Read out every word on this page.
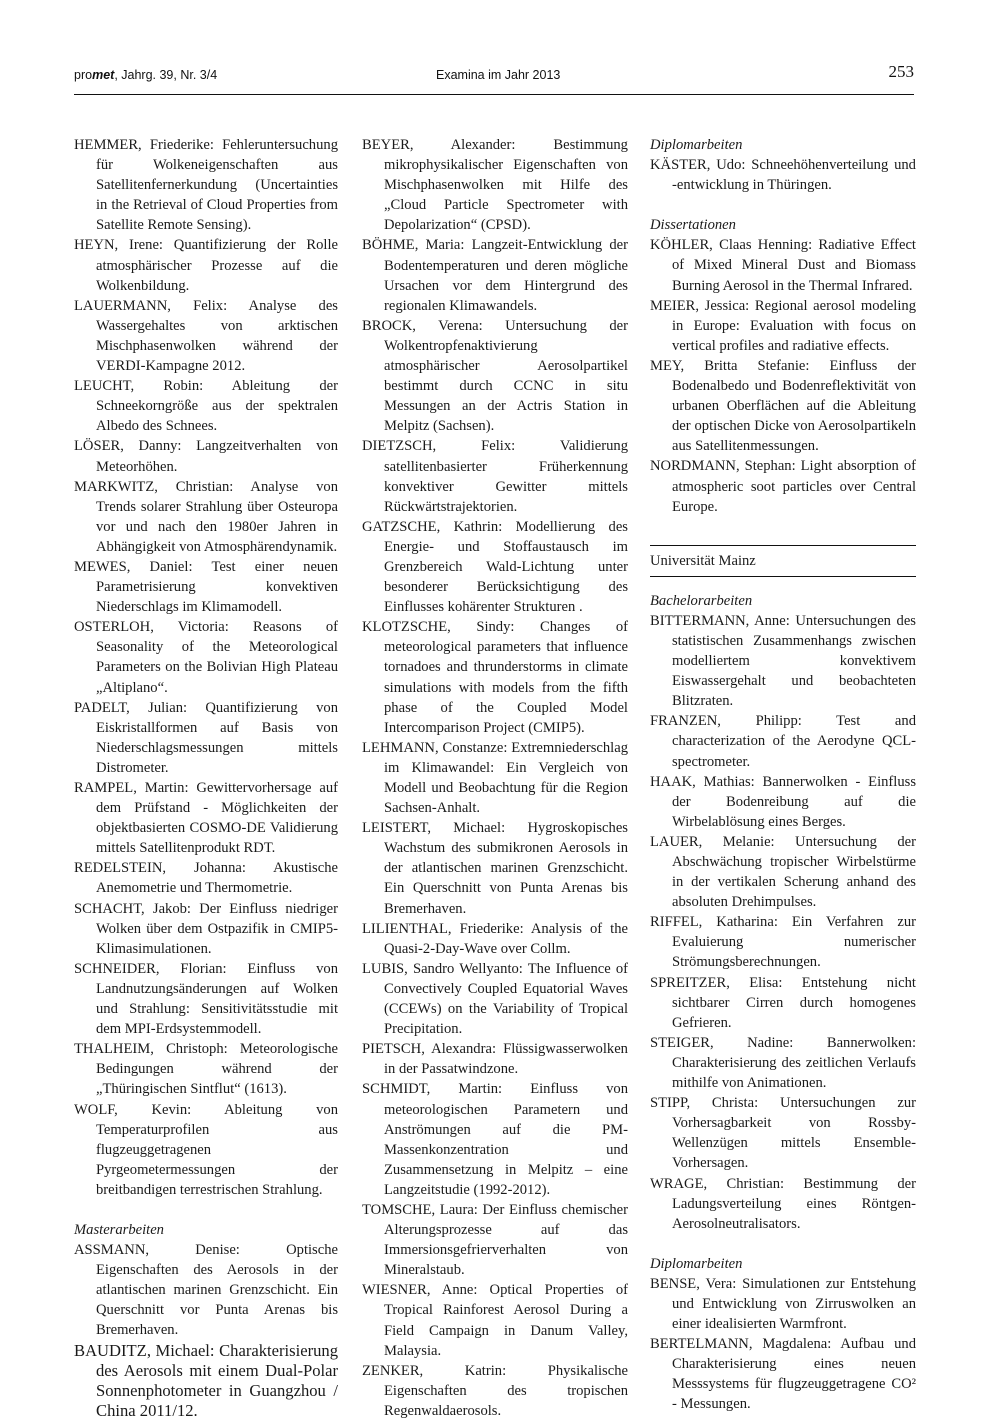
promet, Jahrg. 39, Nr. 3/4	Examina im Jahr 2013	253

HEMMER, Friederike: Fehleruntersuchung für Wolkeneigenschaften aus Satellitenfernerkundung (Uncertainties in the Retrieval of Cloud Properties from Satellite Remote Sensing).

HEYN, Irene: Quantifizierung der Rolle atmosphärischer Prozesse auf die Wolkenbildung.

LAUERMANN, Felix: Analyse des Wassergehaltes von arktischen Mischphasenwolken während der VERDI-Kampagne 2012.

LEUCHT, Robin: Ableitung der Schneekorngröße aus der spektralen Albedo des Schnees.

LÖSER, Danny: Langzeitverhalten von Meteorhöhen.

MARKWITZ, Christian: Analyse von Trends solarer Strahlung über Osteuropa vor und nach den 1980er Jahren in Abhängigkeit von Atmosphärendynamik.

MEWES, Daniel: Test einer neuen Parametrisierung konvektiven Niederschlags im Klimamodell.

OSTERLOH, Victoria: Reasons of Seasonality of the Meteorological Parameters on the Bolivian High Plateau „Altiplano“.

PADELT, Julian: Quantifizierung von Eiskristallformen auf Basis von Niederschlagsmessungen mittels Distrometer.

RAMPEL, Martin: Gewittervorhersage auf dem Prüfstand - Möglichkeiten der objektbasierten COSMO-DE Validierung mittels Satellitenprodukt RDT.

REDELSTEIN, Johanna: Akustische Anemometrie und Thermometrie.

SCHACHT, Jakob: Der Einfluss niedriger Wolken über dem Ostpazifik in CMIP5-Klimasimulationen.

SCHNEIDER, Florian: Einfluss von Landnutzungsänderungen auf Wolken und Strahlung: Sensitivitätsstudie mit dem MPI-Erdsystemmodell.

THALHEIM, Christoph: Meteorologische Bedingungen während der „Thüringischen Sintflut“ (1613).

WOLF, Kevin: Ableitung von Temperaturprofilen aus flugzeuggetragenen Pyrgeometermessungen der breitbandigen terrestrischen Strahlung.

Masterarbeiten

ASSMANN, Denise: Optische Eigenschaften des Aerosols in der atlantischen marinen Grenzschicht. Ein Querschnitt vor Punta Arenas bis Bremerhaven.

BAUDITZ, Michael: Charakterisierung des Aerosols mit einem Dual-Polar Sonnenphotometer in Guangzhou / China 2011/12.

BEYER, Alexander: Bestimmung mikrophysikalischer Eigenschaften von Mischphasenwolken mit Hilfe des „Cloud Particle Spectrometer with Depolarization“ (CPSD).

BÖHME, Maria: Langzeit-Entwicklung der Bodentemperaturen und deren mögliche Ursachen vor dem Hintergrund des regionalen Klimawandels.

BROCK, Verena: Untersuchung der Wolkentropfenaktivierung atmosphärischer Aerosolpartikel bestimmt durch CCNC in situ Messungen an der Actris Station in Melpitz (Sachsen).

DIETZSCH, Felix: Validierung satellitenbasierter Früherkennung konvektiver Gewitter mittels Rückwärtstrajektorien.

GATZSCHE, Kathrin: Modellierung des Energie- und Stoffaustausch im Grenzbereich Wald-Lichtung unter besonderer Berücksichtigung des Einflusses kohärenter Strukturen .

KLOTZSCHE, Sindy: Changes of meteorological parameters that influence tornadoes and thrunderstorms in climate simulations with models from the fifth phase of the Coupled Model Intercomparison Project (CMIP5).

LEHMANN, Constanze: Extremniederschlag im Klimawandel: Ein Vergleich von Modell und Beobachtung für die Region Sachsen-Anhalt.

LEISTERT, Michael: Hygroskopisches Wachstum des submikronen Aerosols in der atlantischen marinen Grenzschicht. Ein Querschnitt von Punta Arenas bis Bremerhaven.

LILIENTHAL, Friederike: Analysis of the Quasi-2-Day-Wave over Collm.

LUBIS, Sandro Wellyanto: The Influence of Convectively Coupled Equatorial Waves (CCEWs) on the Variability of Tropical Precipitation.

PIETSCH, Alexandra: Flüssigwasserwolken in der Passatwindzone.

SCHMIDT, Martin: Einfluss von meteorologischen Parametern und Anströmungen auf die PM-Massenkonzentration und Zusammensetzung in Melpitz – eine Langzeitstudie (1992-2012).

TOMSCHE, Laura: Der Einfluss chemischer Alterungsprozesse auf das Immersionsgefrierverhalten von Mineralstaub.

WIESNER, Anne: Optical Properties of Tropical Rainforest Aerosol During a Field Campaign in Danum Valley, Malaysia.

ZENKER, Katrin: Physikalische Eigenschaften des tropischen Regenwaldaerosols.

Diplomarbeiten

KÄSTER, Udo: Schneehöhenverteilung und -entwicklung in Thüringen.

Dissertationen

KÖHLER, Claas Henning: Radiative Effect of Mixed Mineral Dust and Biomass Burning Aerosol in the Thermal Infrared.

MEIER, Jessica: Regional aerosol modeling in Europe: Evaluation with focus on vertical profiles and radiative effects.

MEY, Britta Stefanie: Einfluss der Bodenalbedo und Bodenreflektivität von urbanen Oberflächen auf die Ableitung der optischen Dicke von Aerosolpartikeln aus Satellitenmessungen.

NORDMANN, Stephan: Light absorption of atmospheric soot particles over Central Europe.

Universität Mainz

Bachelorarbeiten

BITTERMANN, Anne: Untersuchungen des statistischen Zusammenhangs zwischen modelliertem konvektivem Eiswassergehalt und beobachteten Blitzraten.

FRANZEN, Philipp: Test and characterization of the Aerodyne QCL-spectrometer.

HAAK, Mathias: Bannerwolken - Einfluss der Bodenreibung auf die Wirbelablösung eines Berges.

LAUER, Melanie: Untersuchung der Abschwächung tropischer Wirbelstürme in der vertikalen Scherung anhand des absoluten Drehimpulses.

RIFFEL, Katharina: Ein Verfahren zur Evaluierung numerischer Strömungsberechnungen.

SPREITZER, Elisa: Entstehung nicht sichtbarer Cirren durch homogenes Gefrieren.

STEIGER, Nadine: Bannerwolken: Charakterisierung des zeitlichen Verlaufs mithilfe von Animationen.

STIPP, Christa: Untersuchungen zur Vorhersagbarkeit von Rossby-Wellenzügen mittels Ensemble-Vorhersagen.

WRAGE, Christian: Bestimmung der Ladungsverteilung eines Röntgen-Aerosolneutralisators.

Diplomarbeiten

BENSE, Vera: Simulationen zur Entstehung und Entwicklung von Zirruswolken an einer idealisierten Warmfront.

BERTELMANN, Magdalena: Aufbau und Charakterisierung eines neuen Messsystems für flugzeuggetragene CO² - Messungen.
